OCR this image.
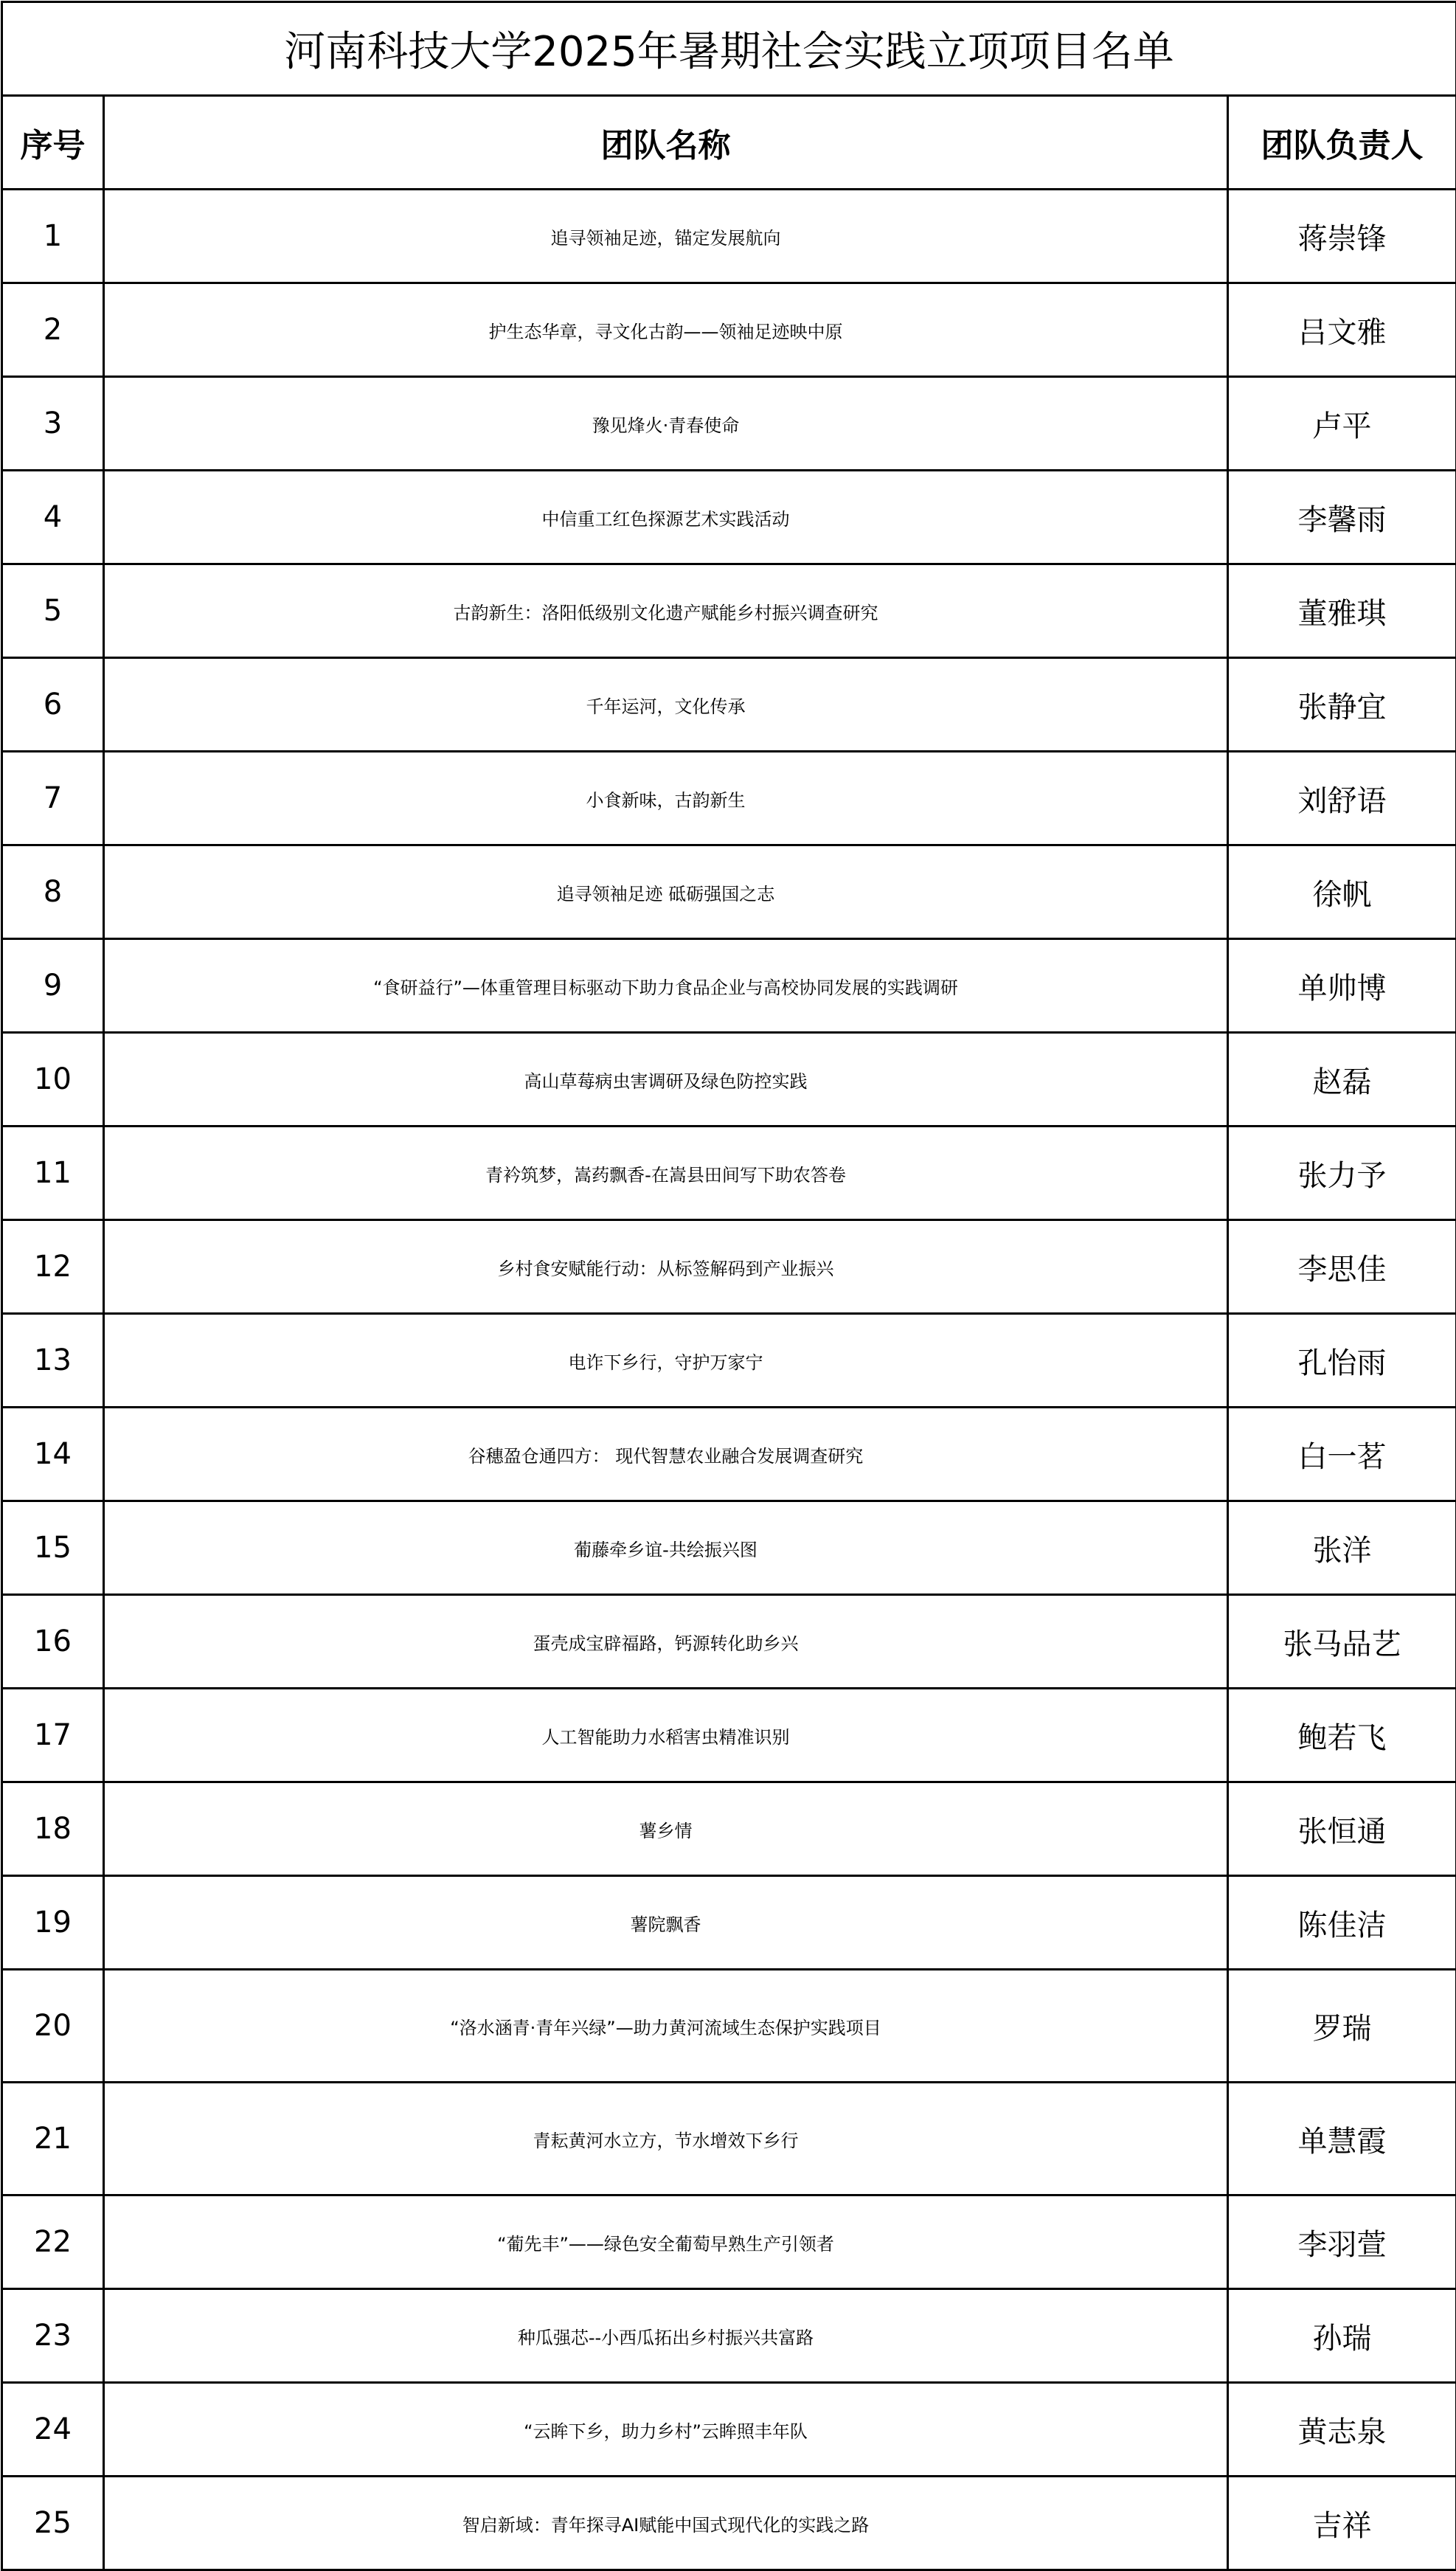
河南科技大学2025年暑期社会实践立项项目名单		
序号	团队名称	团队负责人
1	追寻领袖足迹，锚定发展航向	蒋崇锋
2	护生态华章，寻文化古韵——领袖足迹映中原	吕文雅
3	豫见烽火·青春使命	卢平
4	中信重工红色探源艺术实践活动	李馨雨
5	古韵新生：洛阳低级别文化遗产赋能乡村振兴调查研究	董雅琪
6	千年运河，文化传承	张静宜
7	小食新味，古韵新生	刘舒语
8	追寻领袖足迹 砥砺强国之志	徐帆
9	“食研益行”—体重管理目标驱动下助力食品企业与高校协同发展的实践调研	单帅博
10	高山草莓病虫害调研及绿色防控实践	赵磊
11	青衿筑梦，嵩药飘香-在嵩县田间写下助农答卷	张力予
12	乡村食安赋能行动：从标签解码到产业振兴	李思佳
13	电诈下乡行，守护万家宁	孔怡雨
14	谷穗盈仓通四方： 现代智慧农业融合发展调查研究	白一茗
15	葡藤牵乡谊-共绘振兴图	张洋
16	蛋壳成宝辟福路，钙源转化助乡兴	张马品艺
17	人工智能助力水稻害虫精准识别	鲍若飞
18	薯乡情	张恒通
19	薯院飘香	陈佳洁
20	“洛水涵青·青年兴绿”—助力黄河流域生态保护实践项目	罗瑞
21	青耘黄河水立方，节水增效下乡行	单慧霞
22	“葡先丰”——绿色安全葡萄早熟生产引领者	李羽萱
23	种瓜强芯--小西瓜拓出乡村振兴共富路	孙瑞
24	“云眸下乡，助力乡村”云眸照丰年队	黄志泉
25	智启新域：青年探寻AI赋能中国式现代化的实践之路	吉祥
